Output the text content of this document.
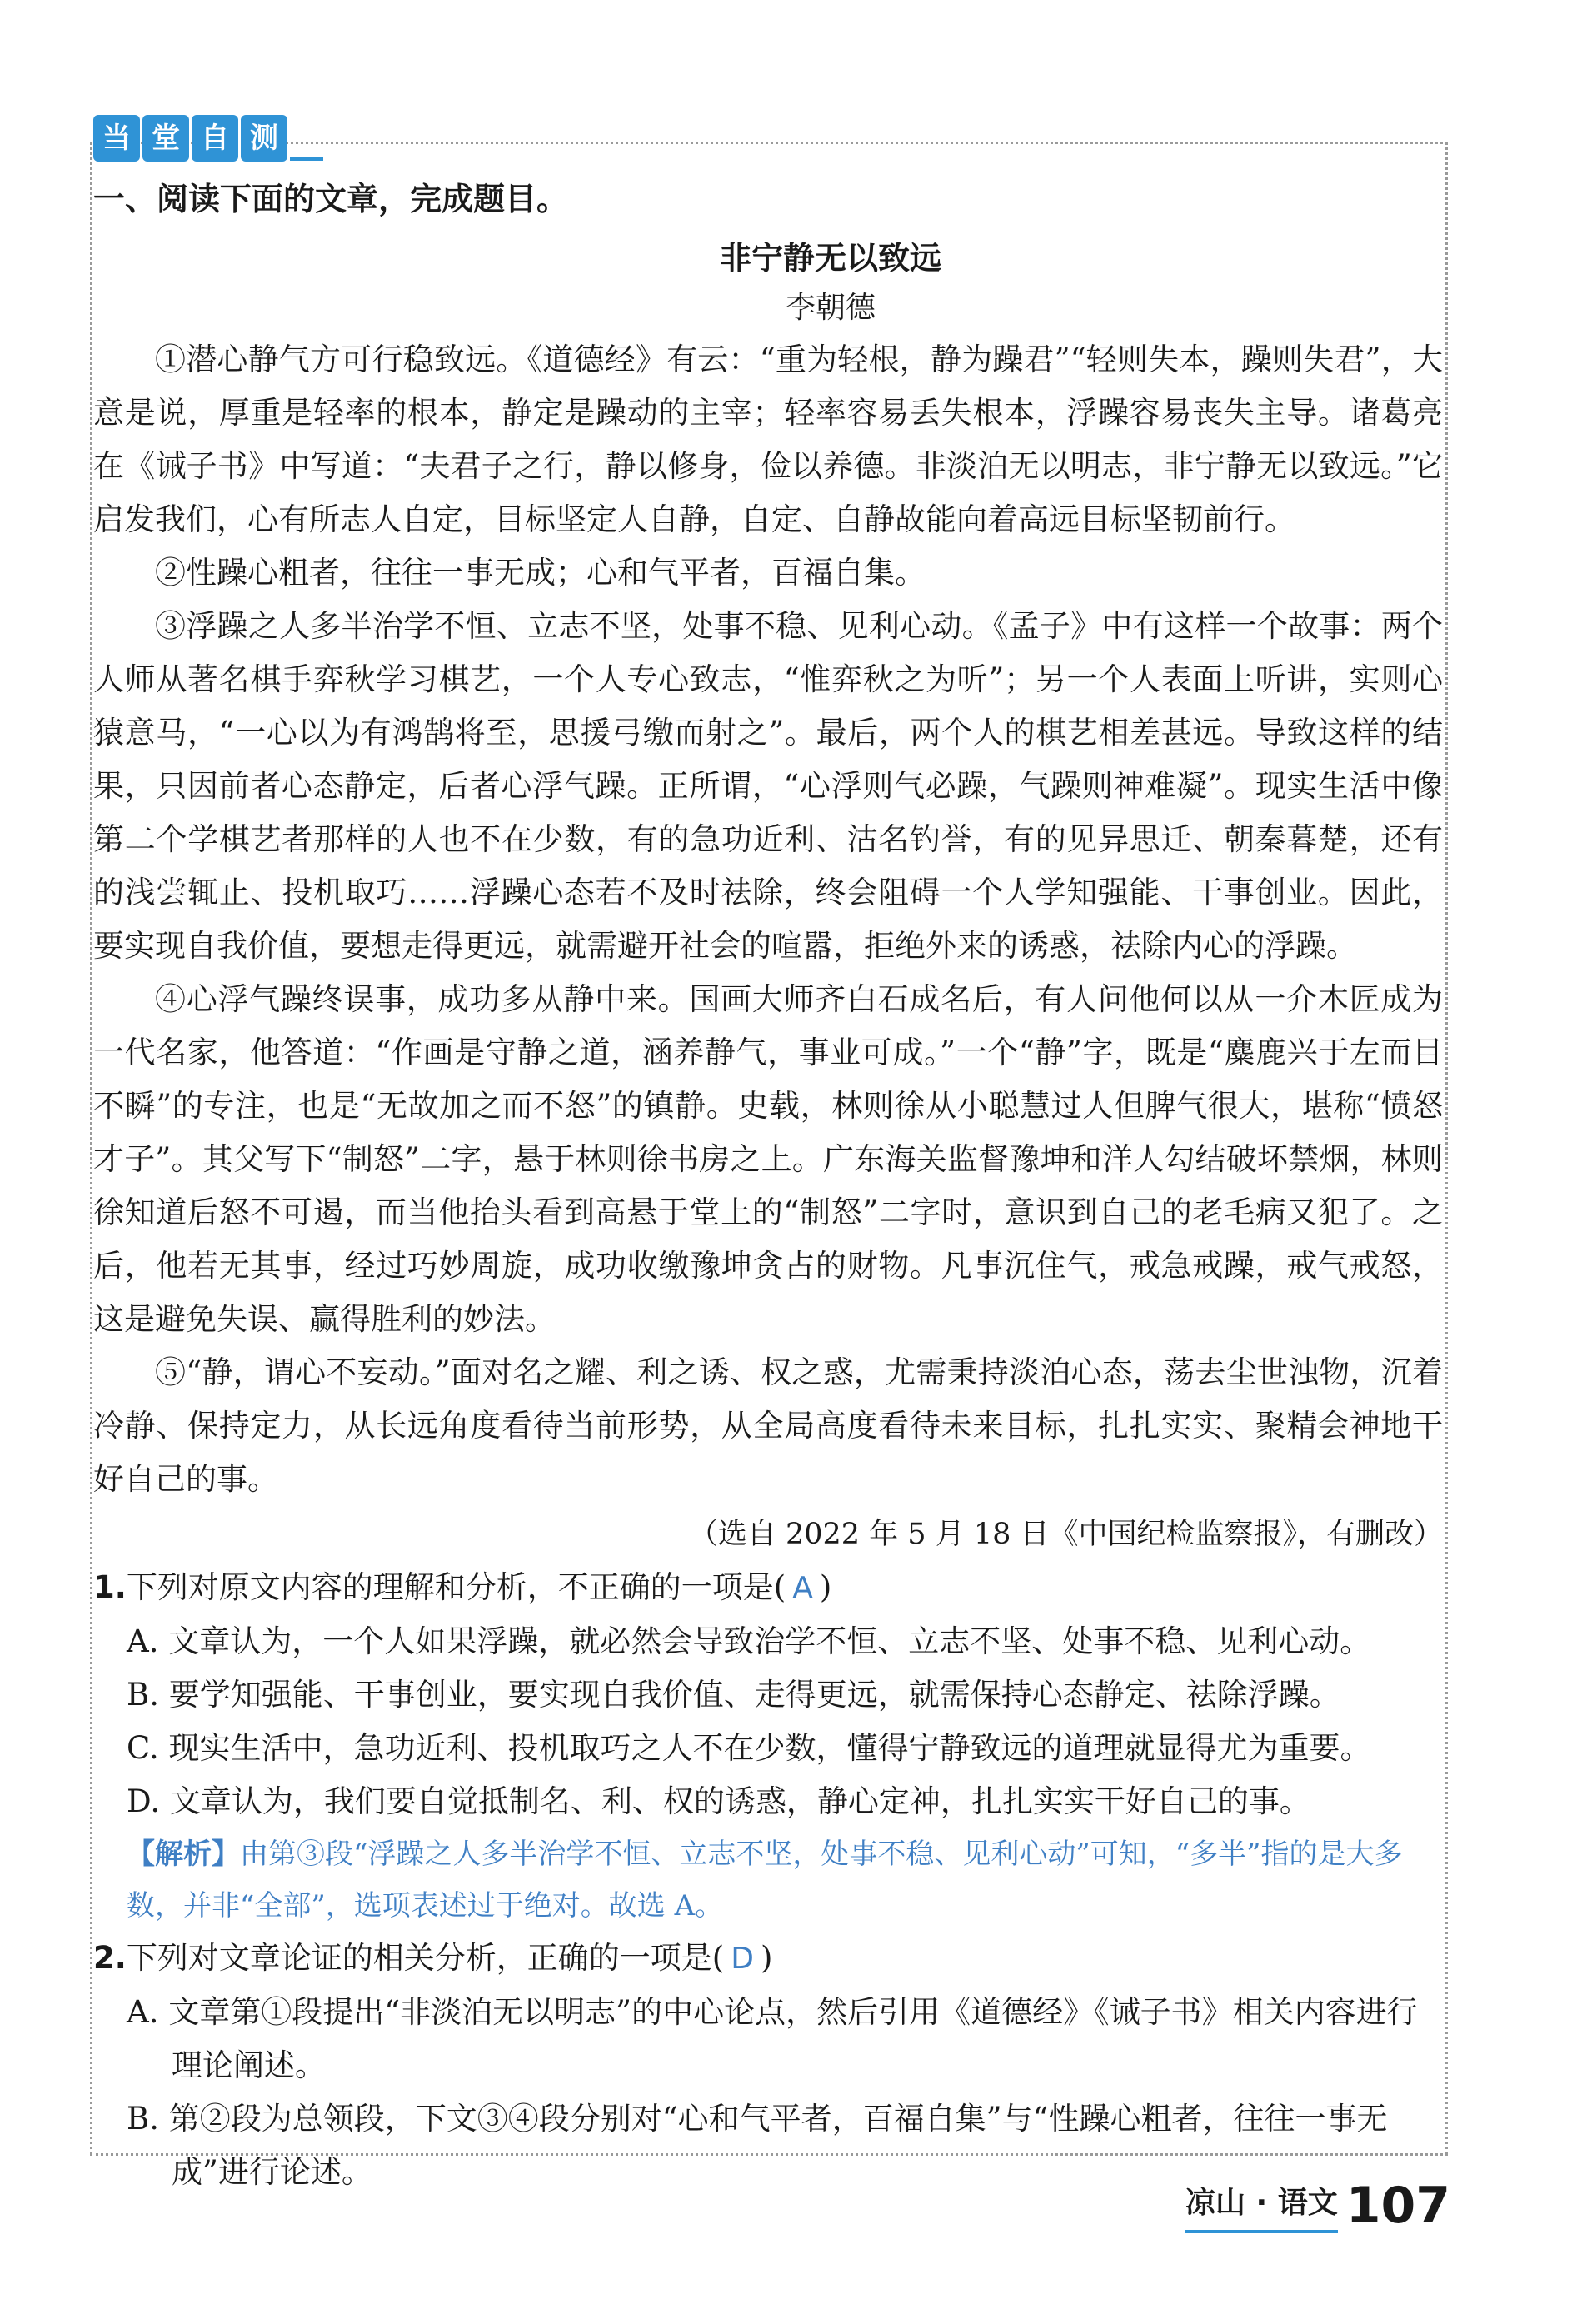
当 堂 自 测
一、阅读下面的文章，完成题目。
非宁静无以致远
李朝德

①潜心静气方可行稳致远。《道德经》有云：“重为轻根，静为躁君”“轻则失本，躁则失君”，大意是说，厚重是轻率的根本，静定是躁动的主宰；轻率容易丢失根本，浮躁容易丧失主导。诸葛亮在《诫子书》中写道：“夫君子之行，静以修身，俭以养德。非淡泊无以明志，非宁静无以致远。”它启发我们，心有所志人自定，目标坚定人自静，自定、自静故能向着高远目标坚韧前行。

②性躁心粗者，往往一事无成；心和气平者，百福自集。

③浮躁之人多半治学不恒、立志不坚，处事不稳、见利心动。《孟子》中有这样一个故事：两个人师从著名棋手弈秋学习棋艺，一个人专心致志，“惟弈秋之为听”；另一个人表面上听讲，实则心猿意马，“一心以为有鸿鹄将至，思援弓缴而射之”。最后，两个人的棋艺相差甚远。导致这样的结果，只因前者心态静定，后者心浮气躁。正所谓，“心浮则气必躁，气躁则神难凝”。现实生活中像第二个学棋艺者那样的人也不在少数，有的急功近利、沽名钓誉，有的见异思迁、朝秦暮楚，还有的浅尝辄止、投机取巧……浮躁心态若不及时祛除，终会阻碍一个人学知强能、干事创业。因此，要实现自我价值，要想走得更远，就需避开社会的喧嚣，拒绝外来的诱惑，祛除内心的浮躁。

④心浮气躁终误事，成功多从静中来。国画大师齐白石成名后，有人问他何以从一介木匠成为一代名家，他答道：“作画是守静之道，涵养静气，事业可成。”一个“静”字，既是“麋鹿兴于左而目不瞬”的专注，也是“无故加之而不怒”的镇静。史载，林则徐从小聪慧过人但脾气很大，堪称“愤怒才子”。其父写下“制怒”二字，悬于林则徐书房之上。广东海关监督豫坤和洋人勾结破坏禁烟，林则徐知道后怒不可遏，而当他抬头看到高悬于堂上的“制怒”二字时，意识到自己的老毛病又犯了。之后，他若无其事，经过巧妙周旋，成功收缴豫坤贪占的财物。凡事沉住气，戒急戒躁，戒气戒怒，这是避免失误、赢得胜利的妙法。

⑤“静，谓心不妄动。”面对名之耀、利之诱、权之惑，尤需秉持淡泊心态，荡去尘世浊物，沉着冷静、保持定力，从长远角度看待当前形势，从全局高度看待未来目标，扎扎实实、聚精会神地干好自己的事。

（选自 2022 年 5 月 18 日《中国纪检监察报》，有删改）

1.下列对原文内容的理解和分析，不正确的一项是( A )

A. 文章认为，一个人如果浮躁，就必然会导致治学不恒、立志不坚、处事不稳、见利心动。

B. 要学知强能、干事创业，要实现自我价值、走得更远，就需保持心态静定、祛除浮躁。

C. 现实生活中，急功近利、投机取巧之人不在少数，懂得宁静致远的道理就显得尤为重要。

D. 文章认为，我们要自觉抵制名、利、权的诱惑，静心定神，扎扎实实干好自己的事。

【解析】由第③段“浮躁之人多半治学不恒、立志不坚，处事不稳、见利心动”可知，“多半”指的是大多数，并非“全部”，选项表述过于绝对。故选 A。

2.下列对文章论证的相关分析，正确的一项是( D )

A. 文章第①段提出“非淡泊无以明志”的中心论点，然后引用《道德经》《诫子书》相关内容进行理论阐述。

B. 第②段为总领段，下文③④段分别对“心和气平者，百福自集”与“性躁心粗者，往往一事无成”进行论述。

凉山 · 语文 107
